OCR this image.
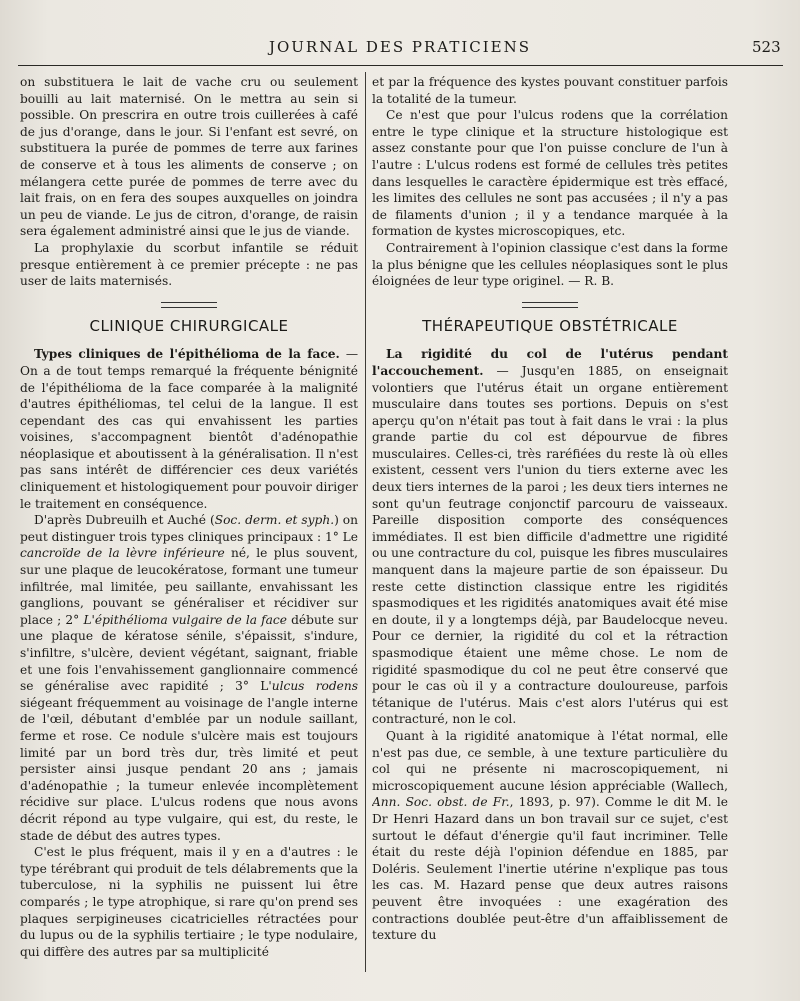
JOURNAL DES PRATICIENS	523

on substituera le lait de vache cru ou seulement bouilli au lait maternisé. On le mettra au sein si possible. On prescrira en outre trois cuillerées à café de jus d'orange, dans le jour. Si l'enfant est sevré, on substituera la purée de pommes de terre aux farines de conserve et à tous les aliments de conserve ; on mélangera cette purée de pommes de terre avec du lait frais, on en fera des soupes auxquelles on joindra un peu de viande. Le jus de citron, d'orange, de raisin sera également administré ainsi que le jus de viande.

La prophylaxie du scorbut infantile se réduit presque entièrement à ce premier précepte : ne pas user de laits maternisés.

CLINIQUE CHIRURGICALE

Types cliniques de l'épithélioma de la face. — On a de tout temps remarqué la fréquente bénignité de l'épithélioma de la face comparée à la malignité d'autres épithéliomas, tel celui de la langue. Il est cependant des cas qui envahissent les parties voisines, s'accompagnent bientôt d'adénopathie néoplasique et aboutissent à la généralisation. Il n'est pas sans intérêt de différencier ces deux variétés cliniquement et histologiquement pour pouvoir diriger le traitement en conséquence.

D'après Dubreuilh et Auché (Soc. derm. et syph.) on peut distinguer trois types cliniques principaux : 1° Le cancroïde de la lèvre inférieure né, le plus souvent, sur une plaque de leucokératose, formant une tumeur infiltrée, mal limitée, peu saillante, envahissant les ganglions, pouvant se généraliser et récidiver sur place ; 2° L'épithélioma vulgaire de la face débute sur une plaque de kératose sénile, s'épaissit, s'indure, s'infiltre, s'ulcère, devient végétant, saignant, friable et une fois l'envahissement ganglionnaire commencé se généralise avec rapidité ; 3° L'ulcus rodens siégeant fréquemment au voisinage de l'angle interne de l'œil, débutant d'emblée par un nodule saillant, ferme et rose. Ce nodule s'ulcère mais est toujours limité par un bord très dur, très limité et peut persister ainsi jusque pendant 20 ans ; jamais d'adénopathie ; la tumeur enlevée incomplètement récidive sur place. L'ulcus rodens que nous avons décrit répond au type vulgaire, qui est, du reste, le stade de début des autres types.

C'est le plus fréquent, mais il y en a d'autres : le type térébrant qui produit de tels délabrements que la tuberculose, ni la syphilis ne puissent lui être comparés ; le type atrophique, si rare qu'on prend ses plaques serpigineuses cicatricielles rétractées pour du lupus ou de la syphilis tertiaire ; le type nodulaire, qui diffère des autres par sa multiplicité

et par la fréquence des kystes pouvant constituer parfois la totalité de la tumeur.

Ce n'est que pour l'ulcus rodens que la corrélation entre le type clinique et la structure histologique est assez constante pour que l'on puisse conclure de l'un à l'autre : L'ulcus rodens est formé de cellules très petites dans lesquelles le caractère épidermique est très effacé, les limites des cellules ne sont pas accusées ; il n'y a pas de filaments d'union ; il y a tendance marquée à la formation de kystes microscopiques, etc.

Contrairement à l'opinion classique c'est dans la forme la plus bénigne que les cellules néoplasiques sont le plus éloignées de leur type originel. — R. B.

THÉRAPEUTIQUE OBSTÉTRICALE

La rigidité du col de l'utérus pendant l'accouchement. — Jusqu'en 1885, on enseignait volontiers que l'utérus était un organe entièrement musculaire dans toutes ses portions. Depuis on s'est aperçu qu'on n'était pas tout à fait dans le vrai : la plus grande partie du col est dépourvue de fibres musculaires. Celles-ci, très raréfiées du reste là où elles existent, cessent vers l'union du tiers externe avec les deux tiers internes de la paroi ; les deux tiers internes ne sont qu'un feutrage conjonctif parcouru de vaisseaux. Pareille disposition comporte des conséquences immédiates. Il est bien difficile d'admettre une rigidité ou une contracture du col, puisque les fibres musculaires manquent dans la majeure partie de son épaisseur. Du reste cette distinction classique entre les rigidités spasmodiques et les rigidités anatomiques avait été mise en doute, il y a longtemps déjà, par Baudelocque neveu. Pour ce dernier, la rigidité du col et la rétraction spasmodique étaient une même chose. Le nom de rigidité spasmodique du col ne peut être conservé que pour le cas où il y a contracture douloureuse, parfois tétanique de l'utérus. Mais c'est alors l'utérus qui est contracturé, non le col.

Quant à la rigidité anatomique à l'état normal, elle n'est pas due, ce semble, à une texture particulière du col qui ne présente ni macroscopiquement, ni microscopiquement aucune lésion appréciable (Wallech, Ann. Soc. obst. de Fr., 1893, p. 97). Comme le dit M. le Dr Henri Hazard dans un bon travail sur ce sujet, c'est surtout le défaut d'énergie qu'il faut incriminer. Telle était du reste déjà l'opinion défendue en 1885, par Doléris. Seulement l'inertie utérine n'explique pas tous les cas. M. Hazard pense que deux autres raisons peuvent être invoquées : une exagération des contractions doublée peut-être d'un affaiblissement de texture du
